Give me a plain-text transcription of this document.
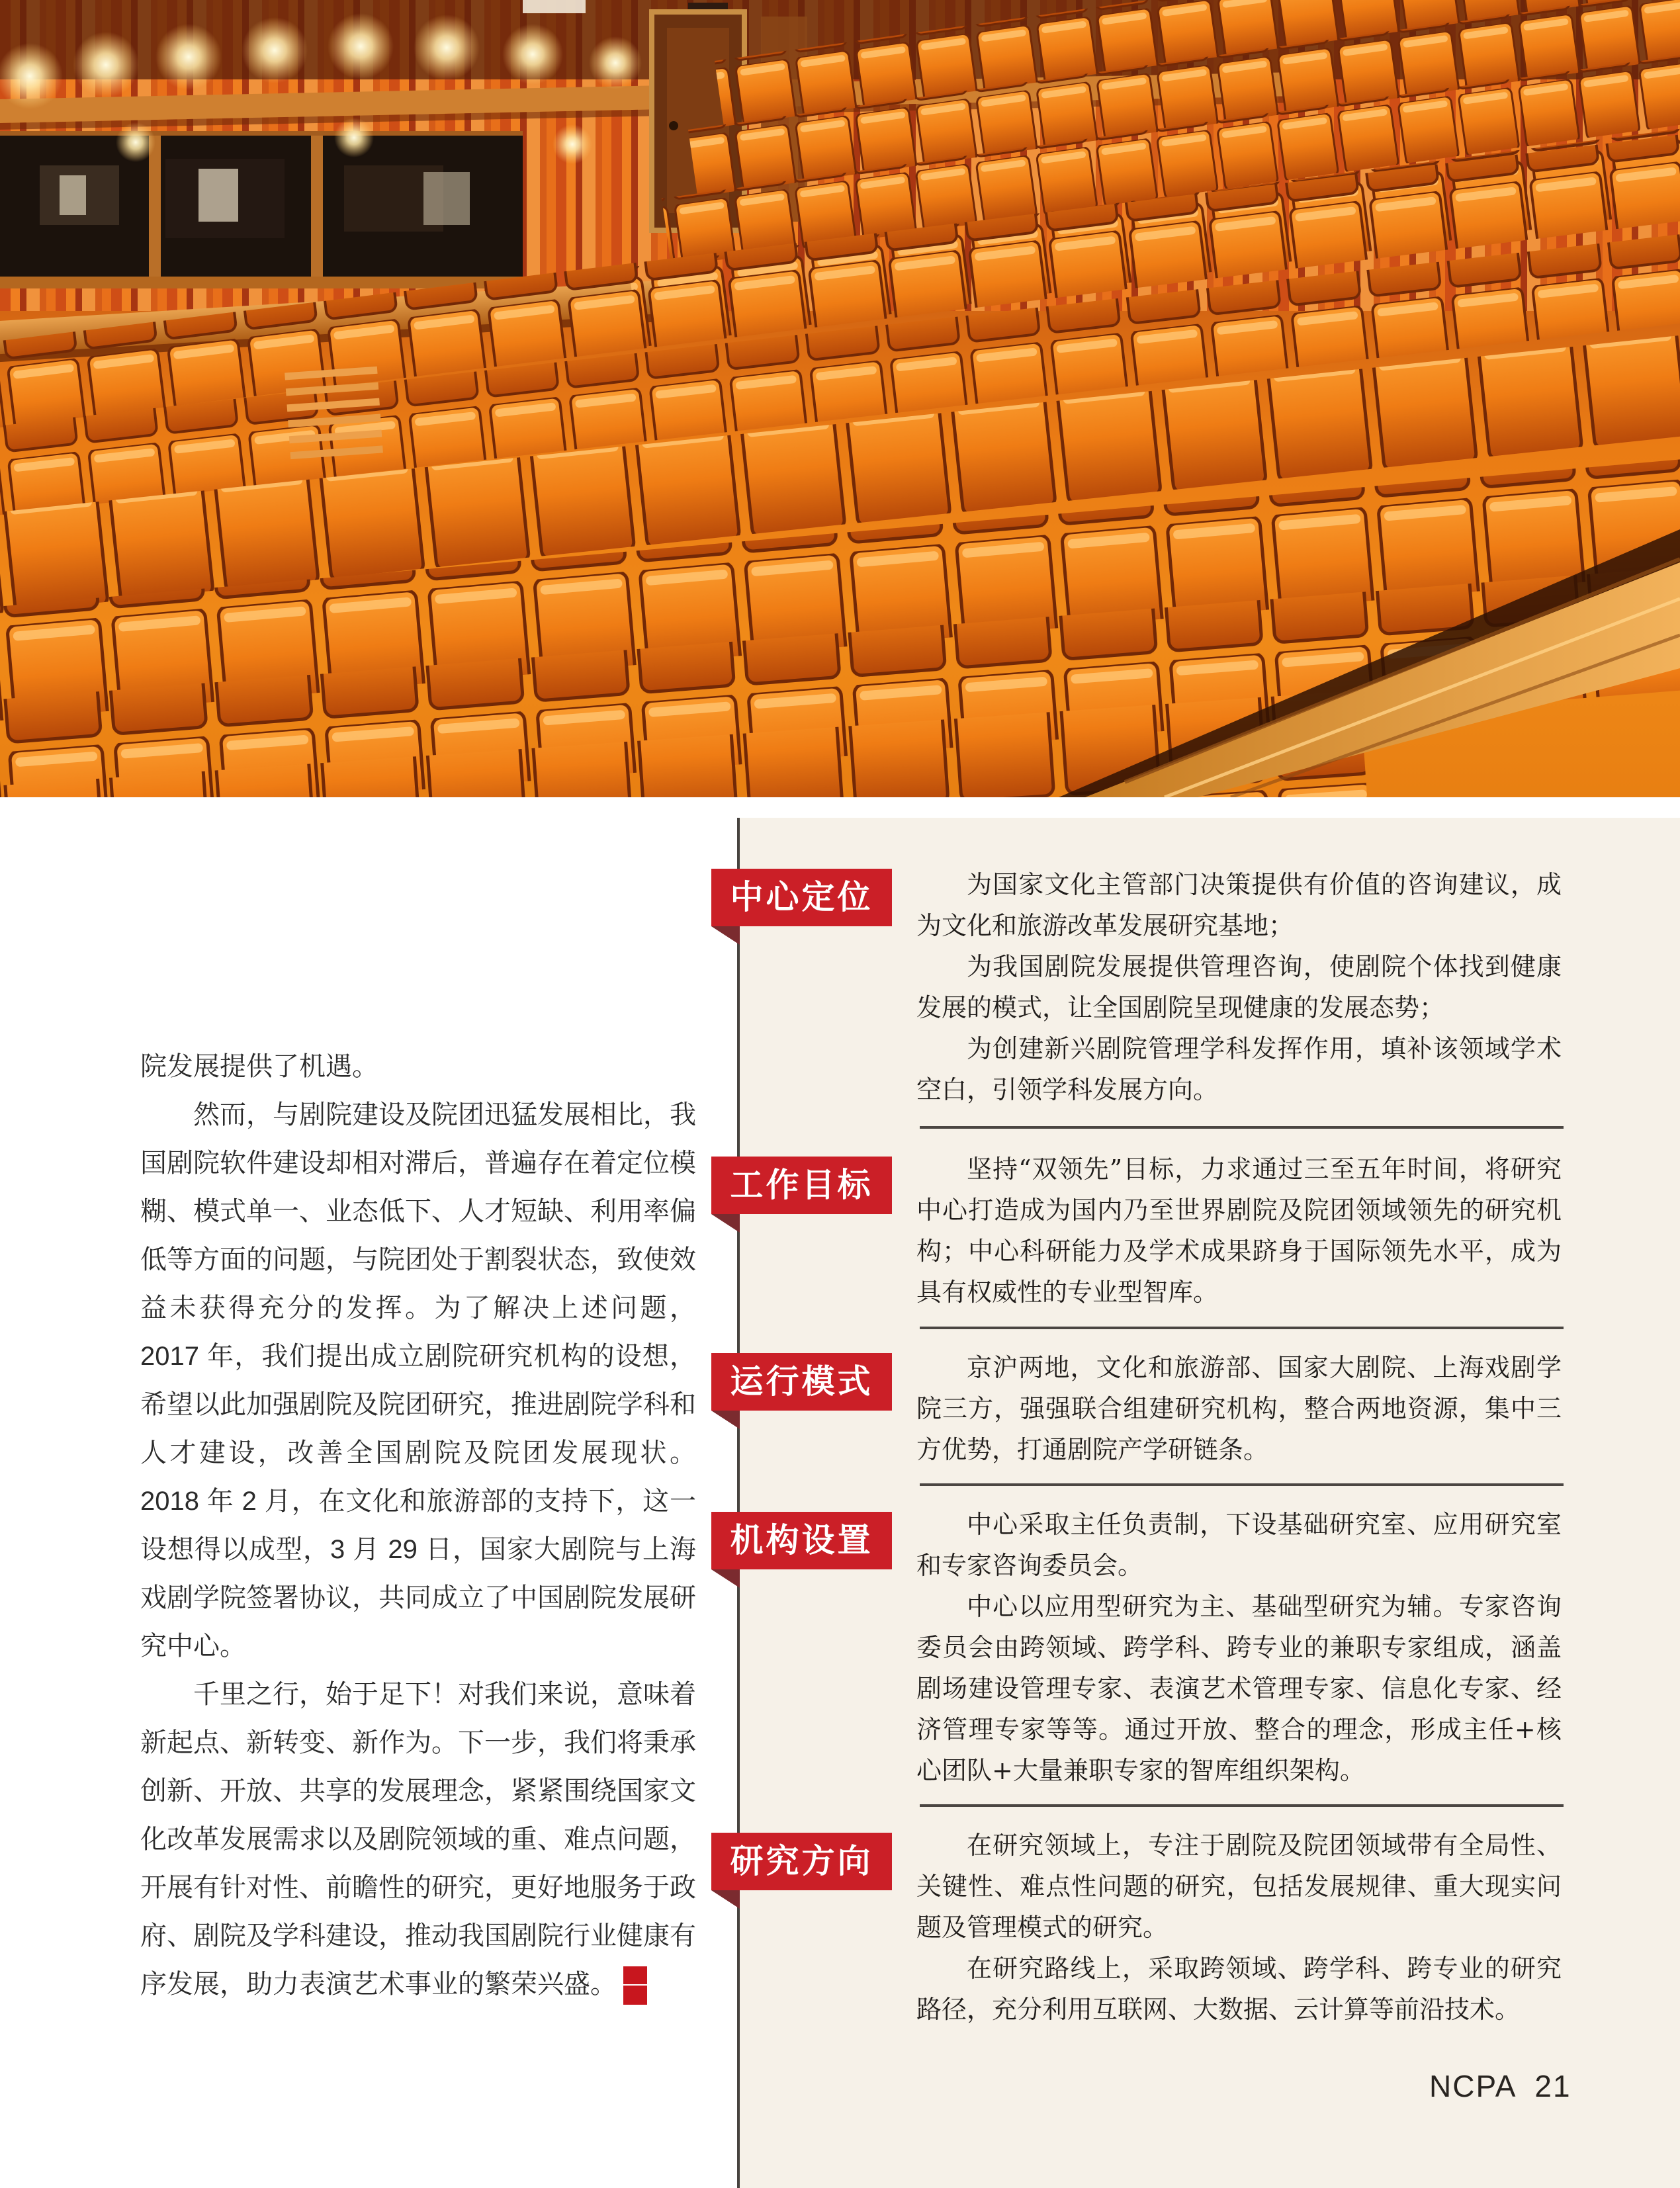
院发展提供了机遇。

然而，与剧院建设及院团迅猛发展相比，我国剧院软件建设却相对滞后，普遍存在着定位模糊、模式单一、业态低下、人才短缺、利用率偏低等方面的问题，与院团处于割裂状态，致使效益未获得充分的发挥。为了解决上述问题，2017 年，我们提出成立剧院研究机构的设想，希望以此加强剧院及院团研究，推进剧院学科和人才建设，改善全国剧院及院团发展现状。2018 年 2 月，在文化和旅游部的支持下，这一设想得以成型，3 月 29 日，国家大剧院与上海戏剧学院签署协议，共同成立了中国剧院发展研究中心。

千里之行，始于足下！对我们来说，意味着新起点、新转变、新作为。下一步，我们将秉承创新、开放、共享的发展理念，紧紧围绕国家文化改革发展需求以及剧院领域的重、难点问题，开展有针对性、前瞻性的研究，更好地服务于政府、剧院及学科建设，推动我国剧院行业健康有序发展，助力表演艺术事业的繁荣兴盛。 $\frac{NC}{PA}$

中心定位	为国家文化主管部门决策提供有价值的咨询建议，成为文化和旅游改革发展研究基地；

为我国剧院发展提供管理咨询，使剧院个体找到健康发展的模式，让全国剧院呈现健康的发展态势；

为创建新兴剧院管理学科发挥作用，填补该领域学术空白，引领学科发展方向。

工作目标	坚持“双领先”目标，力求通过三至五年时间，将研究中心打造成为国内乃至世界剧院及院团领域领先的研究机构；中心科研能力及学术成果跻身于国际领先水平，成为具有权威性的专业型智库。

运行模式	京沪两地，文化和旅游部、国家大剧院、上海戏剧学院三方，强强联合组建研究机构，整合两地资源，集中三方优势，打通剧院产学研链条。

机构设置	中心采取主任负责制，下设基础研究室、应用研究室和专家咨询委员会。

中心以应用型研究为主、基础型研究为辅。专家咨询委员会由跨领域、跨学科、跨专业的兼职专家组成，涵盖剧场建设管理专家、表演艺术管理专家、信息化专家、经济管理专家等等。通过开放、整合的理念，形成主任+核心团队+大量兼职专家的智库组织架构。

研究方向	在研究领域上，专注于剧院及院团领域带有全局性、关键性、难点性问题的研究，包括发展规律、重大现实问题及管理模式的研究。

在研究路线上，采取跨领域、跨学科、跨专业的研究路径，充分利用互联网、大数据、云计算等前沿技术。

NCPA  21
